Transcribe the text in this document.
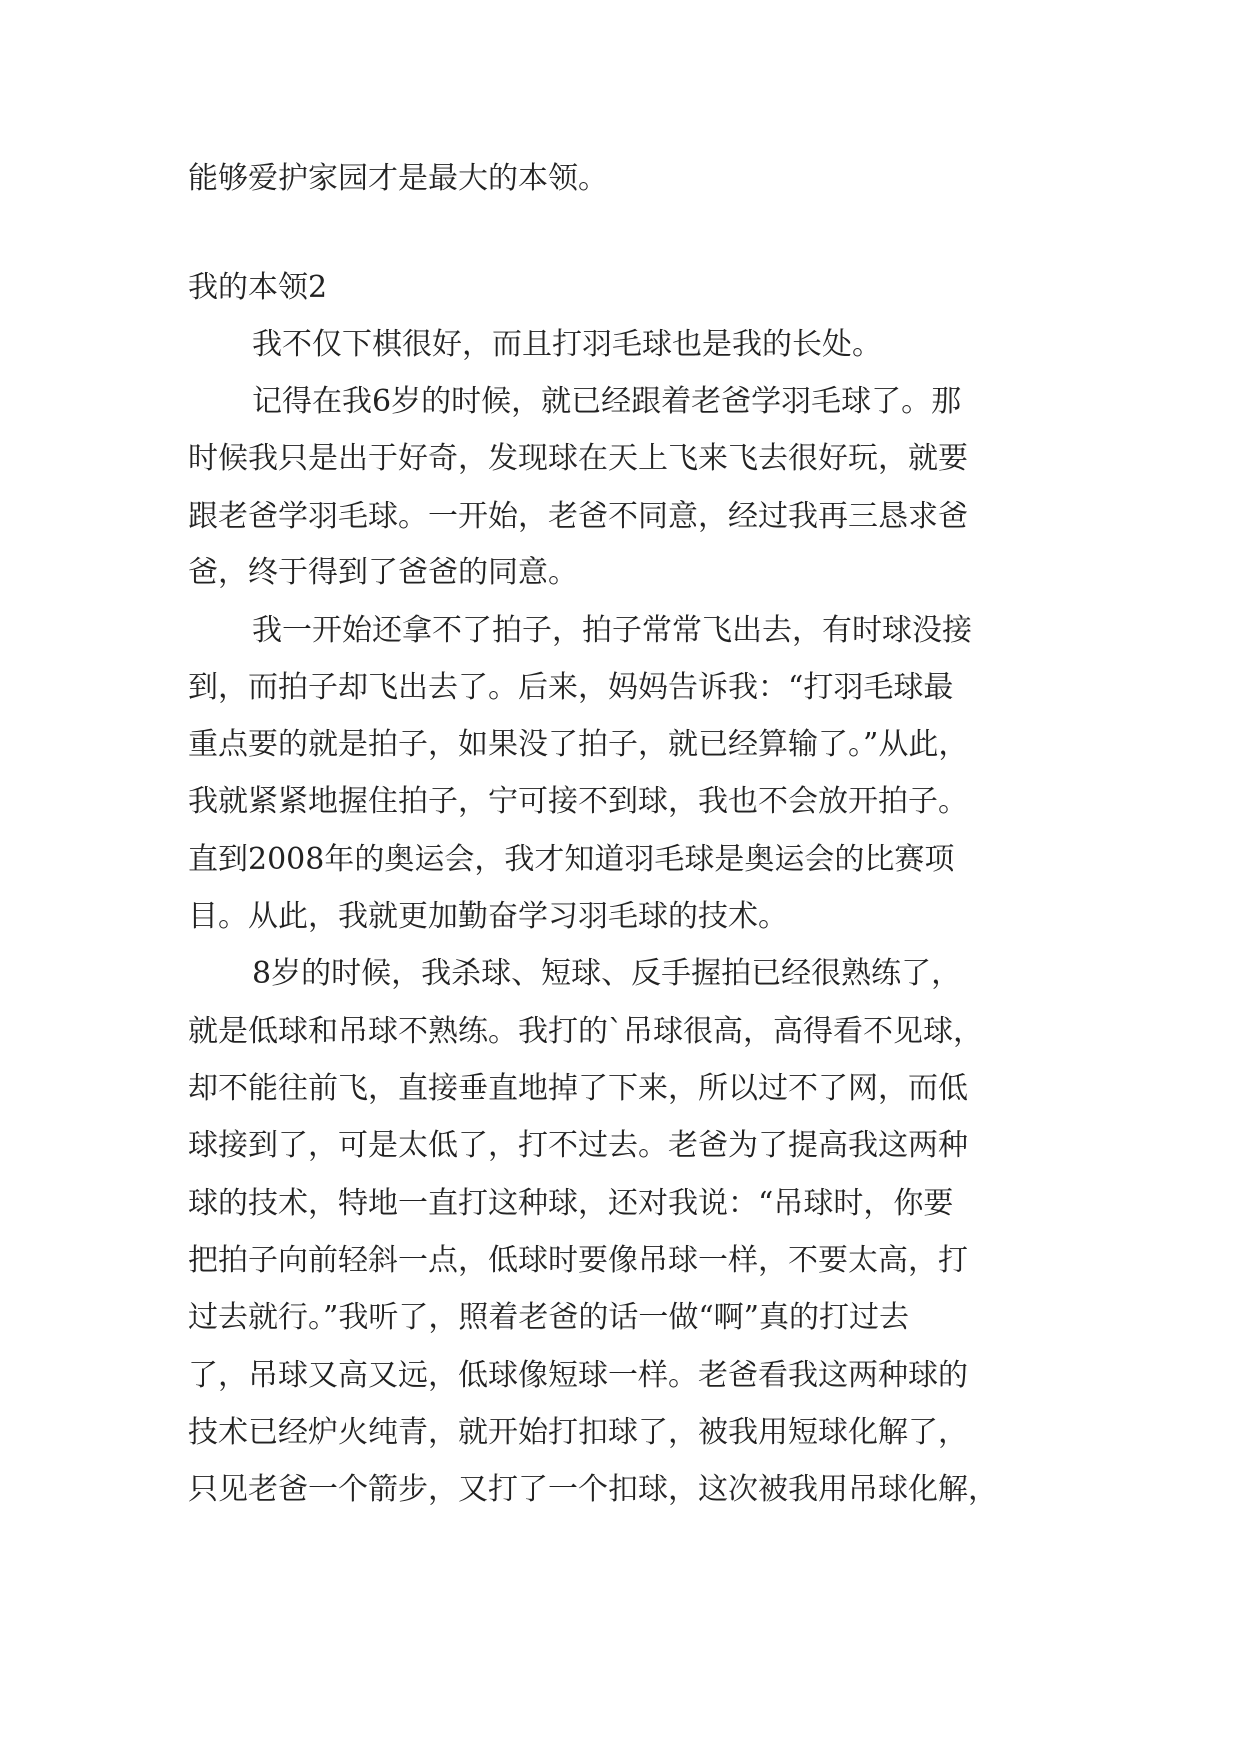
能够爱护家园才是最大的本领。
我的本领2
我不仅下棋很好，而且打羽毛球也是我的长处。
记得在我6岁的时候，就已经跟着老爸学羽毛球了。那
时候我只是出于好奇，发现球在天上飞来飞去很好玩，就要
跟老爸学羽毛球。一开始，老爸不同意，经过我再三恳求爸
爸，终于得到了爸爸的同意。
我一开始还拿不了拍子，拍子常常飞出去，有时球没接
到，而拍子却飞出去了。后来，妈妈告诉我：“打羽毛球最
重点要的就是拍子，如果没了拍子，就已经算输了。”从此，
我就紧紧地握住拍子，宁可接不到球，我也不会放开拍子。
直到2008年的奥运会，我才知道羽毛球是奥运会的比赛项
目。从此，我就更加勤奋学习羽毛球的技术。
8岁的时候，我杀球、短球、反手握拍已经很熟练了，
就是低球和吊球不熟练。我打的`吊球很高，高得看不见球，
却不能往前飞，直接垂直地掉了下来，所以过不了网，而低
球接到了，可是太低了，打不过去。老爸为了提高我这两种
球的技术，特地一直打这种球，还对我说：“吊球时，你要
把拍子向前轻斜一点，低球时要像吊球一样，不要太高，打
过去就行。”我听了，照着老爸的话一做“啊”真的打过去
了，吊球又高又远，低球像短球一样。老爸看我这两种球的
技术已经炉火纯青，就开始打扣球了，被我用短球化解了，
只见老爸一个箭步，又打了一个扣球，这次被我用吊球化解，
